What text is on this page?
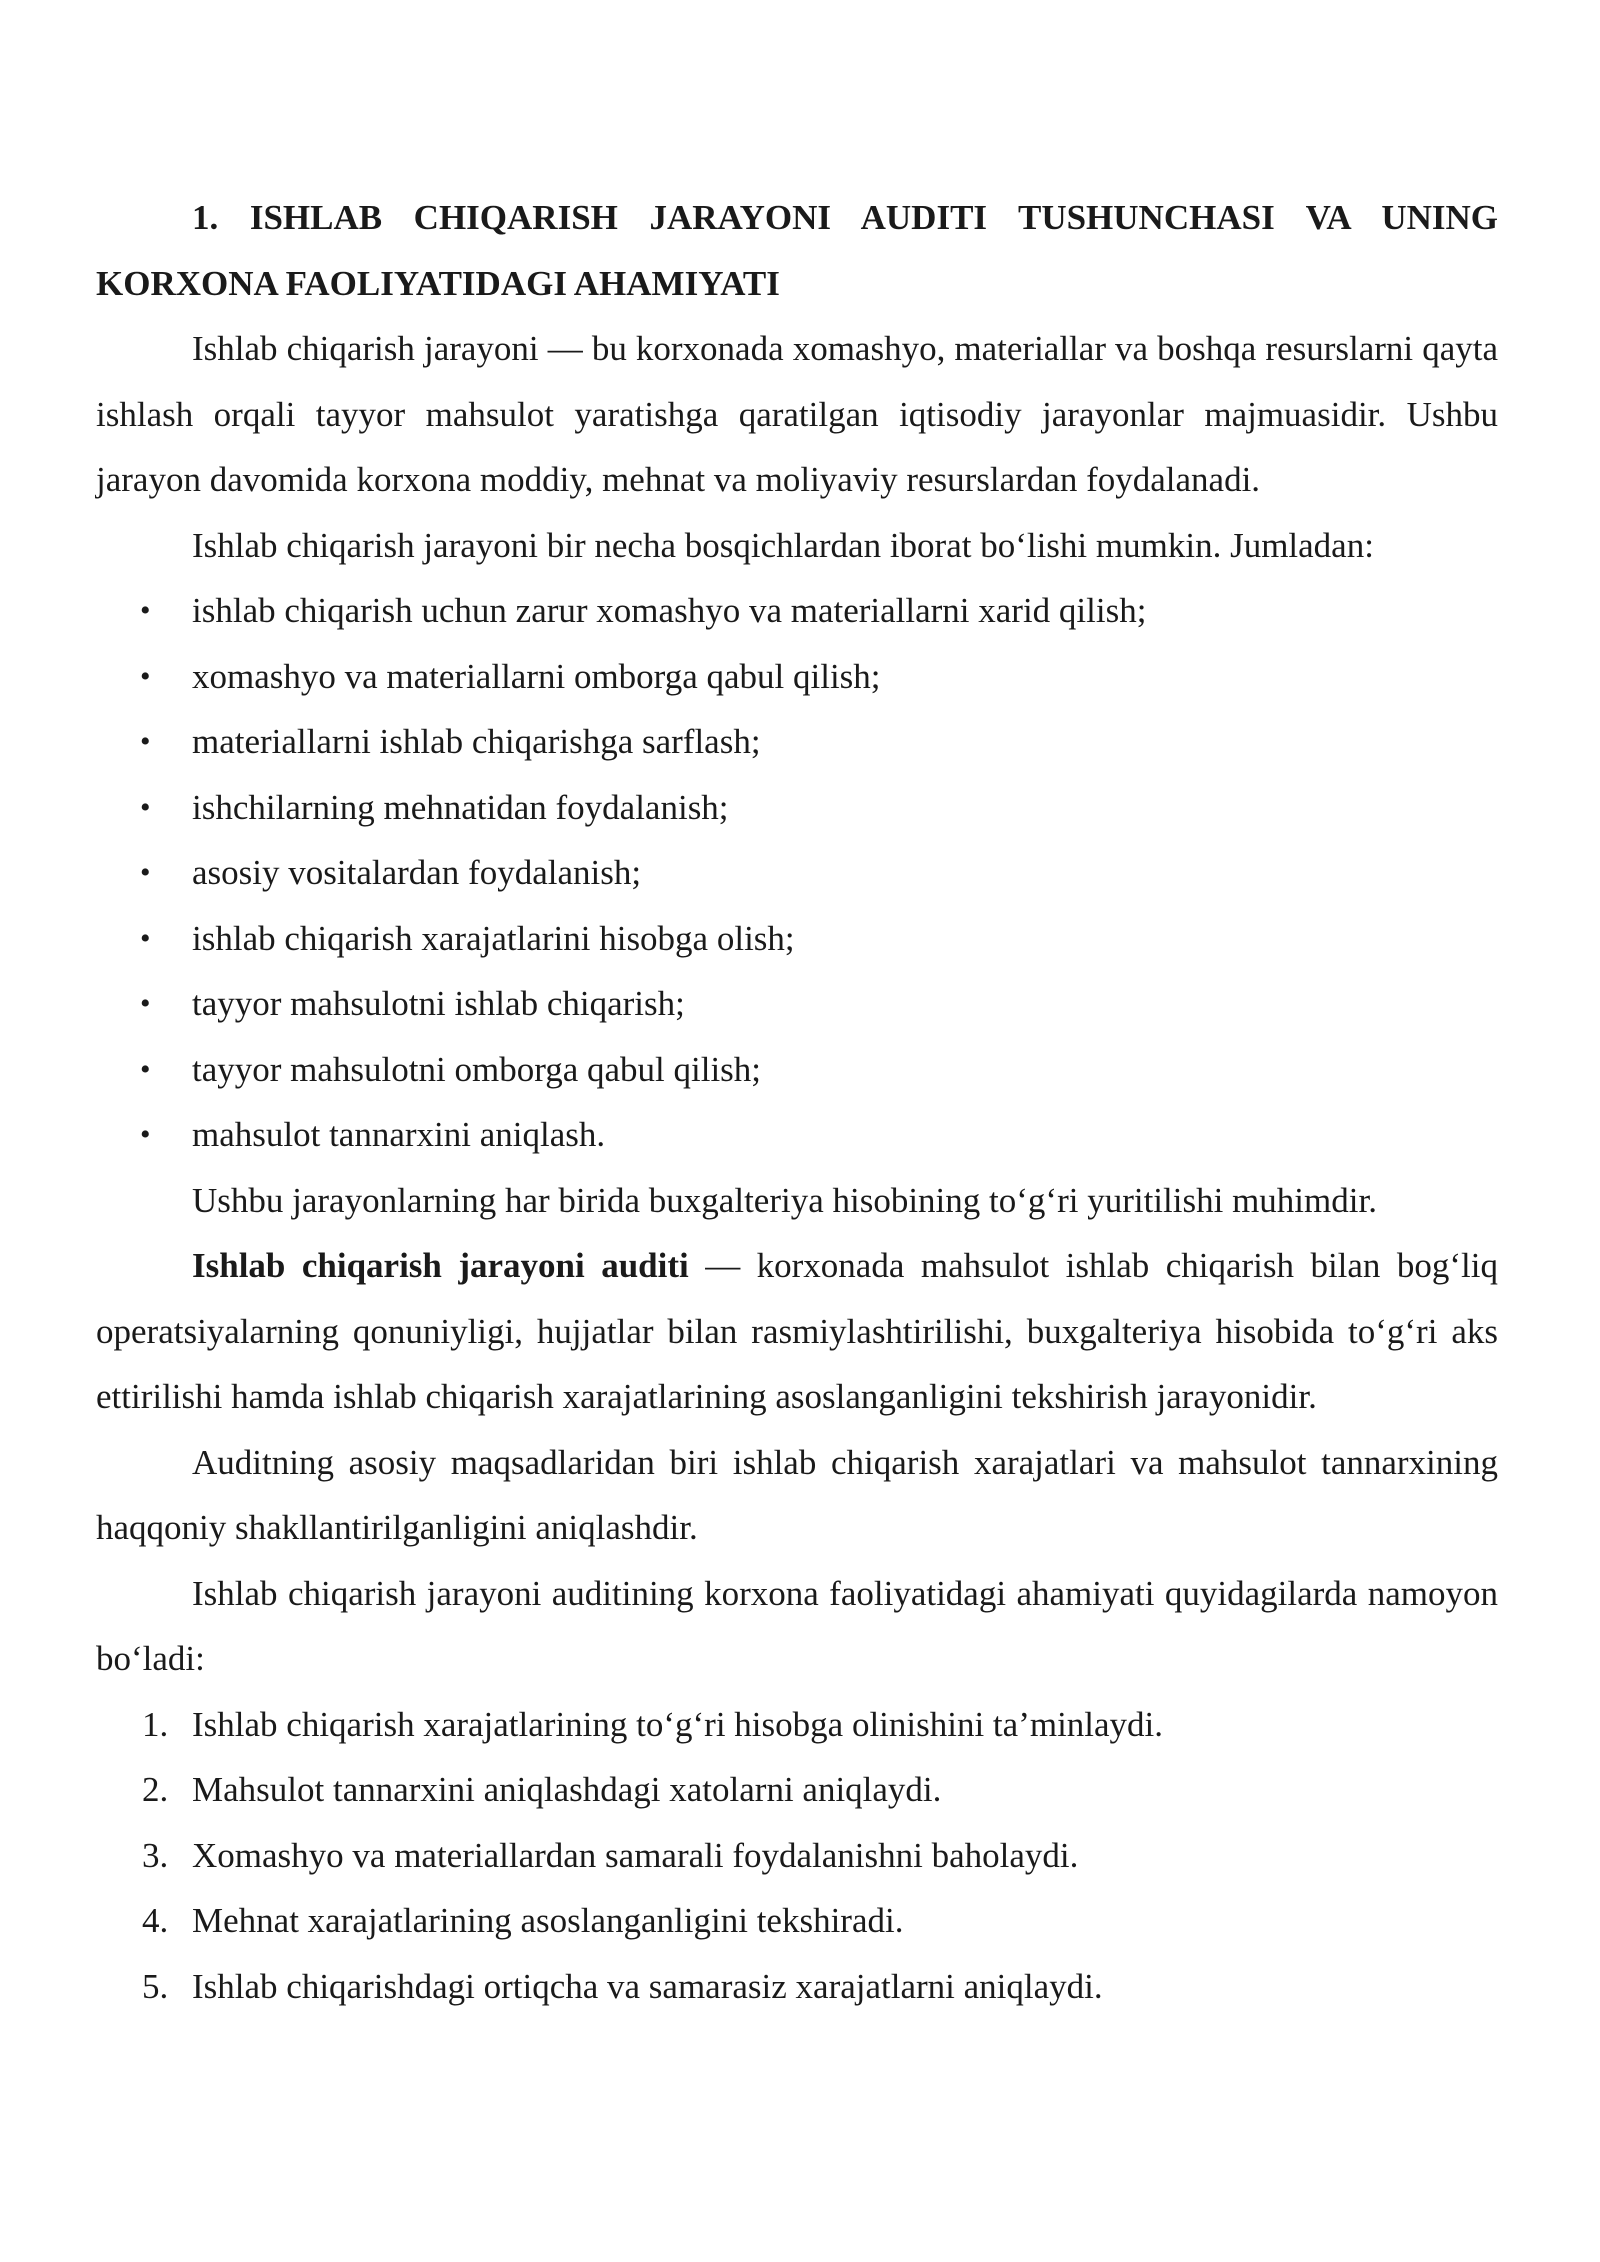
1. ISHLAB CHIQARISH JARAYONI AUDITI TUSHUNCHASI VA UNING KORXONA FAOLIYATIDAGI AHAMIYATI

Ishlab chiqarish jarayoni — bu korxonada xomashyo, materiallar va boshqa resurslarni qayta ishlash orqali tayyor mahsulot yaratishga qaratilgan iqtisodiy jarayonlar majmuasidir. Ushbu jarayon davomida korxona moddiy, mehnat va moliyaviy resurslardan foydalanadi.

Ishlab chiqarish jarayoni bir necha bosqichlardan iborat bo‘lishi mumkin. Jumladan:

• ishlab chiqarish uchun zarur xomashyo va materiallarni xarid qilish;
• xomashyo va materiallarni omborga qabul qilish;
• materiallarni ishlab chiqarishga sarflash;
• ishchilarning mehnatidan foydalanish;
• asosiy vositalardan foydalanish;
• ishlab chiqarish xarajatlarini hisobga olish;
• tayyor mahsulotni ishlab chiqarish;
• tayyor mahsulotni omborga qabul qilish;
• mahsulot tannarxini aniqlash.

Ushbu jarayonlarning har birida buxgalteriya hisobining to‘g‘ri yuritilishi muhimdir.

Ishlab chiqarish jarayoni auditi — korxonada mahsulot ishlab chiqarish bilan bog‘liq operatsiyalarning qonuniyligi, hujjatlar bilan rasmiylashtirilishi, buxgalteriya hisobida to‘g‘ri aks ettirilishi hamda ishlab chiqarish xarajatlarining asoslanganligini tekshirish jarayonidir.

Auditning asosiy maqsadlaridan biri ishlab chiqarish xarajatlari va mahsulot tannarxining haqqoniy shakllantirilganligini aniqlashdir.

Ishlab chiqarish jarayoni auditining korxona faoliyatidagi ahamiyati quyidagilarda namoyon bo‘ladi:

1. Ishlab chiqarish xarajatlarining to‘g‘ri hisobga olinishini ta’minlaydi.
2. Mahsulot tannarxini aniqlashdagi xatolarni aniqlaydi.
3. Xomashyo va materiallardan samarali foydalanishni baholaydi.
4. Mehnat xarajatlarining asoslanganligini tekshiradi.
5. Ishlab chiqarishdagi ortiqcha va samarasiz xarajatlarni aniqlaydi.
